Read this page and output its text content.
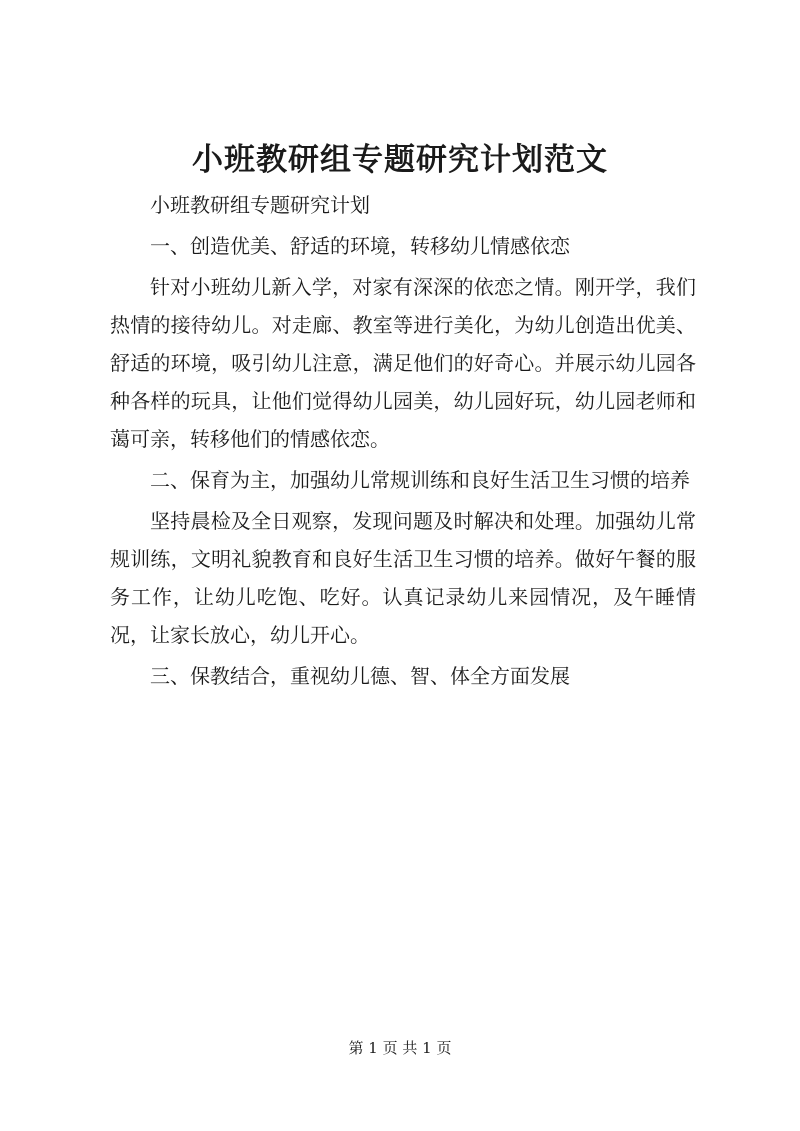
小班教研组专题研究计划范文

小班教研组专题研究计划

一、创造优美、舒适的环境，转移幼儿情感依恋

针对小班幼儿新入学，对家有深深的依恋之情。刚开学，我们热情的接待幼儿。对走廊、教室等进行美化，为幼儿创造出优美、舒适的环境，吸引幼儿注意，满足他们的好奇心。并展示幼儿园各种各样的玩具，让他们觉得幼儿园美，幼儿园好玩，幼儿园老师和蔼可亲，转移他们的情感依恋。

二、保育为主，加强幼儿常规训练和良好生活卫生习惯的培养

坚持晨检及全日观察，发现问题及时解决和处理。加强幼儿常规训练，文明礼貌教育和良好生活卫生习惯的培养。做好午餐的服务工作，让幼儿吃饱、吃好。认真记录幼儿来园情况，及午睡情况，让家长放心，幼儿开心。

三、保教结合，重视幼儿德、智、体全方面发展

第 1 页 共 1 页
